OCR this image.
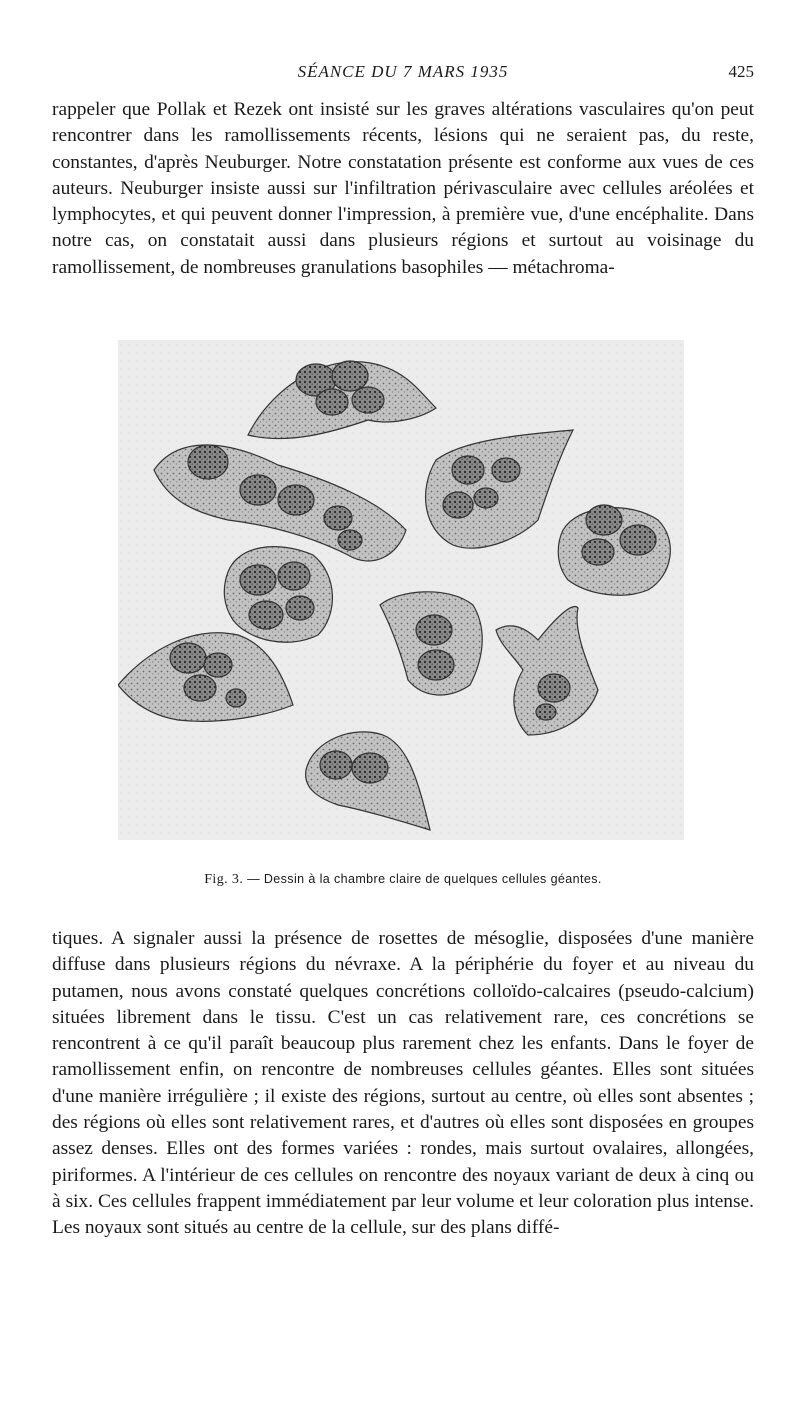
SÉANCE DU 7 MARS 1935	425

rappeler que Pollak et Rezek ont insisté sur les graves altérations vasculaires qu'on peut rencontrer dans les ramollissements récents, lésions qui ne seraient pas, du reste, constantes, d'après Neuburger. Notre constatation présente est conforme aux vues de ces auteurs. Neuburger insiste aussi sur l'infiltration périvasculaire avec cellules aréolées et lymphocytes, et qui peuvent donner l'impression, à première vue, d'une encéphalite. Dans notre cas, on constatait aussi dans plusieurs régions et surtout au voisinage du ramollissement, de nombreuses granulations basophiles — métachroma-

Fig. 3. — Dessin à la chambre claire de quelques cellules géantes.

tiques. A signaler aussi la présence de rosettes de mésoglie, disposées d'une manière diffuse dans plusieurs régions du névraxe. A la périphérie du foyer et au niveau du putamen, nous avons constaté quelques concrétions colloïdo-calcaires (pseudo-calcium) situées librement dans le tissu. C'est un cas relativement rare, ces concrétions se rencontrent à ce qu'il paraît beaucoup plus rarement chez les enfants. Dans le foyer de ramollissement enfin, on rencontre de nombreuses cellules géantes. Elles sont situées d'une manière irrégulière ; il existe des régions, surtout au centre, où elles sont absentes ; des régions où elles sont relativement rares, et d'autres où elles sont disposées en groupes assez denses. Elles ont des formes variées : rondes, mais surtout ovalaires, allongées, piriformes. A l'intérieur de ces cellules on rencontre des noyaux variant de deux à cinq ou à six. Ces cellules frappent immédiatement par leur volume et leur coloration plus intense. Les noyaux sont situés au centre de la cellule, sur des plans diffé-
